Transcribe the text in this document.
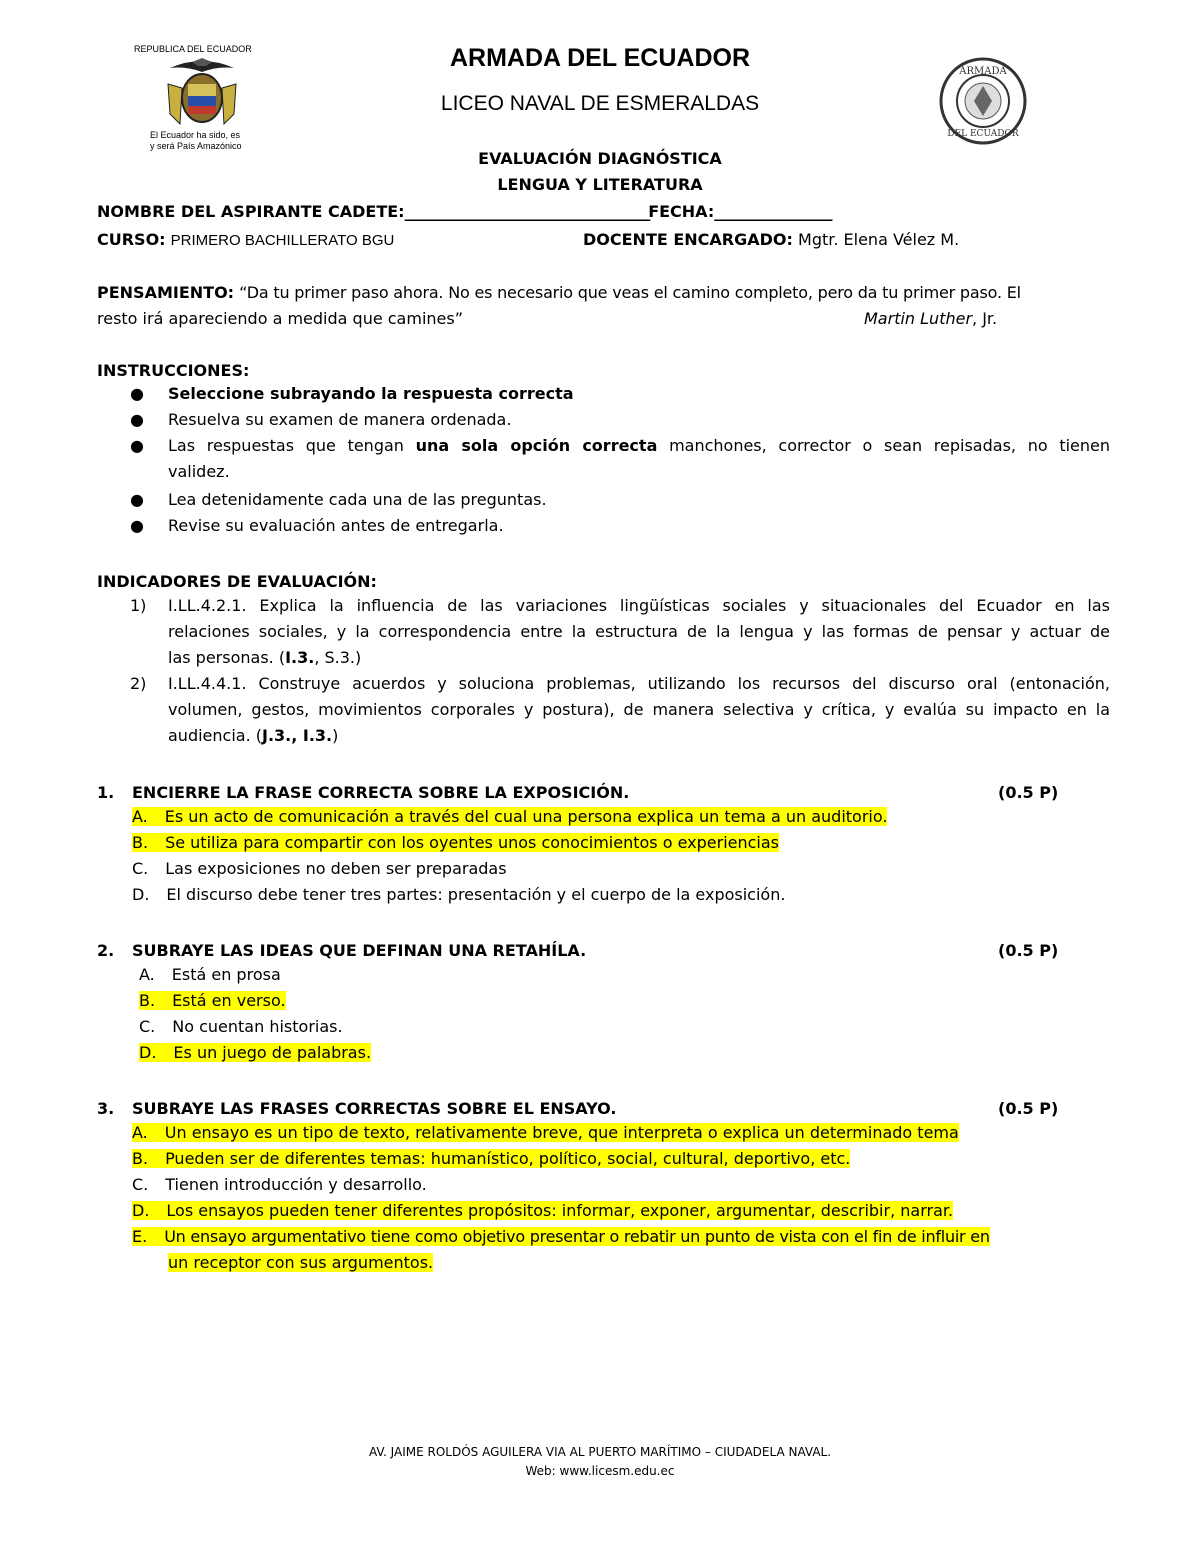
REPUBLICA DEL ECUADOR
El Ecuador ha sido, es
y será País Amazónico
ARMADA DEL ECUADOR
LICEO NAVAL DE ESMERALDAS
ARMADA
DEL ECUADOR
EVALUACIÓN DIAGNÓSTICA
LENGUA Y LITERATURA
NOMBRE DEL ASPIRANTE CADETE:__________________________________________FECHA:____________________
CURSO: PRIMERO BACHILLERATO BGU	DOCENTE ENCARGADO: Mgtr. Elena Vélez M.
PENSAMIENTO: “Da tu primer paso ahora. No es necesario que veas el camino completo, pero da tu primer paso. El
resto irá apareciendo a medida que camines”	Martin Luther, Jr.
INSTRUCCIONES:
● Seleccione subrayando la respuesta correcta
● Resuelva su examen de manera ordenada.
● Las respuestas que tengan una sola opción correcta manchones, corrector o sean repisadas, no tienen
validez.
● Lea detenidamente cada una de las preguntas.
● Revise su evaluación antes de entregarla.
INDICADORES DE EVALUACIÓN:
1) I.LL.4.2.1. Explica la influencia de las variaciones lingüísticas sociales y situacionales del Ecuador en las
relaciones sociales, y la correspondencia entre la estructura de la lengua y las formas de pensar y actuar de
las personas. (I.3., S.3.)
2) I.LL.4.4.1. Construye acuerdos y soluciona problemas, utilizando los recursos del discurso oral (entonación,
volumen, gestos, movimientos corporales y postura), de manera selectiva y crítica, y evalúa su impacto en la
audiencia. (J.3., I.3.)
1. ENCIERRE LA FRASE CORRECTA SOBRE LA EXPOSICIÓN.	(0.5 P)
A. Es un acto de comunicación a través del cual una persona explica un tema a un auditorio.
B. Se utiliza para compartir con los oyentes unos conocimientos o experiencias
C. Las exposiciones no deben ser preparadas
D. El discurso debe tener tres partes: presentación y el cuerpo de la exposición.
2. SUBRAYE LAS IDEAS QUE DEFINAN UNA RETAHÍLA.	(0.5 P)
A. Está en prosa
B. Está en verso.
C. No cuentan historias.
D. Es un juego de palabras.
3. SUBRAYE LAS FRASES CORRECTAS SOBRE EL ENSAYO.	(0.5 P)
A. Un ensayo es un tipo de texto, relativamente breve, que interpreta o explica un determinado tema
B. Pueden ser de diferentes temas: humanístico, político, social, cultural, deportivo, etc.
C. Tienen introducción y desarrollo.
D. Los ensayos pueden tener diferentes propósitos: informar, exponer, argumentar, describir, narrar.
E. Un ensayo argumentativo tiene como objetivo presentar o rebatir un punto de vista con el fin de influir en
un receptor con sus argumentos.
AV. JAIME ROLDÓS AGUILERA VIA AL PUERTO MARÍTIMO – CIUDADELA NAVAL.
Web: www.licesm.edu.ec
